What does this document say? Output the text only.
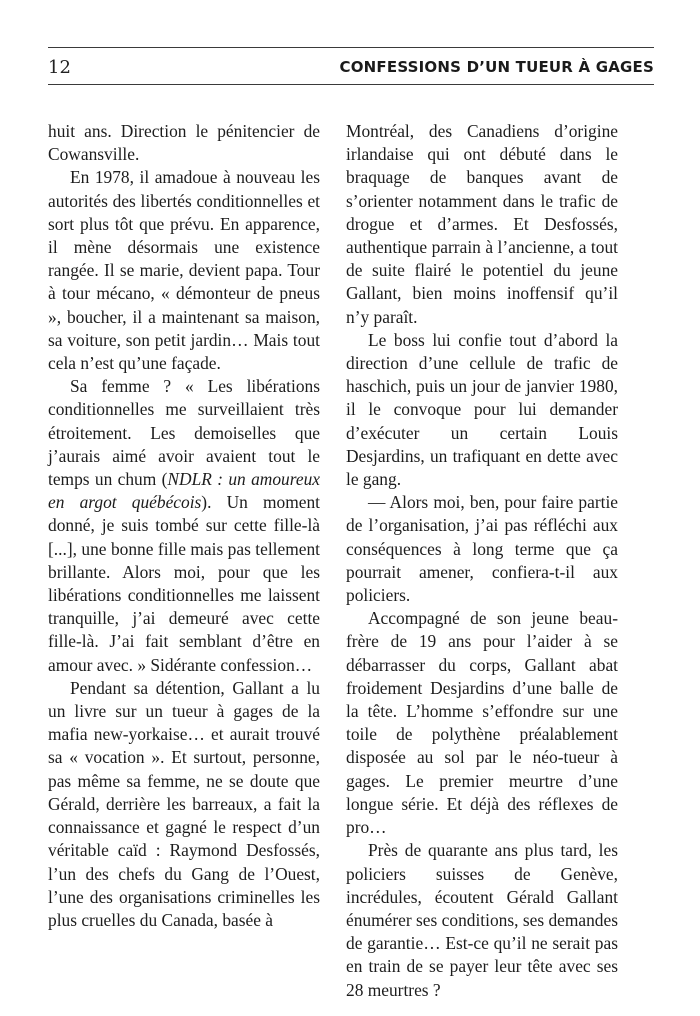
12	CONFESSIONS D’UN TUEUR À GAGES

huit ans. Direction le pénitencier de Cowansville.

En 1978, il amadoue à nouveau les autorités des libertés conditionnelles et sort plus tôt que prévu. En apparence, il mène désormais une existence rangée. Il se marie, devient papa. Tour à tour mécano, « démonteur de pneus », boucher, il a maintenant sa maison, sa voiture, son petit jardin… Mais tout cela n’est qu’une façade.

Sa femme ? « Les libérations conditionnelles me surveillaient très étroitement. Les demoiselles que j’aurais aimé avoir avaient tout le temps un chum (NDLR : un amoureux en argot québécois). Un moment donné, je suis tombé sur cette fille-là [...], une bonne fille mais pas tellement brillante. Alors moi, pour que les libérations conditionnelles me laissent tranquille, j’ai demeuré avec cette fille-là. J’ai fait semblant d’être en amour avec. » Sidérante confession…

Pendant sa détention, Gallant a lu un livre sur un tueur à gages de la mafia new-yorkaise… et aurait trouvé sa « vocation ». Et surtout, personne, pas même sa femme, ne se doute que Gérald, derrière les barreaux, a fait la connaissance et gagné le respect d’un véritable caïd : Raymond Desfossés, l’un des chefs du Gang de l’Ouest, l’une des organisations criminelles les plus cruelles du Canada, basée à

Montréal, des Canadiens d’origine irlandaise qui ont débuté dans le braquage de banques avant de s’orienter notamment dans le trafic de drogue et d’armes. Et Desfossés, authentique parrain à l’ancienne, a tout de suite flairé le potentiel du jeune Gallant, bien moins inoffensif qu’il n’y paraît.

Le boss lui confie tout d’abord la direction d’une cellule de trafic de haschich, puis un jour de janvier 1980, il le convoque pour lui demander d’exécuter un certain Louis Desjardins, un trafiquant en dette avec le gang.

— Alors moi, ben, pour faire partie de l’organisation, j’ai pas réfléchi aux conséquences à long terme que ça pourrait amener, confiera-t-il aux policiers.

Accompagné de son jeune beau-frère de 19 ans pour l’aider à se débarrasser du corps, Gallant abat froidement Desjardins d’une balle de la tête. L’homme s’effondre sur une toile de polythène préalablement disposée au sol par le néo-tueur à gages. Le premier meurtre d’une longue série. Et déjà des réflexes de pro…

Près de quarante ans plus tard, les policiers suisses de Genève, incrédules, écoutent Gérald Gallant énumérer ses conditions, ses demandes de garantie… Est-ce qu’il ne serait pas en train de se payer leur tête avec ses 28 meurtres ?
